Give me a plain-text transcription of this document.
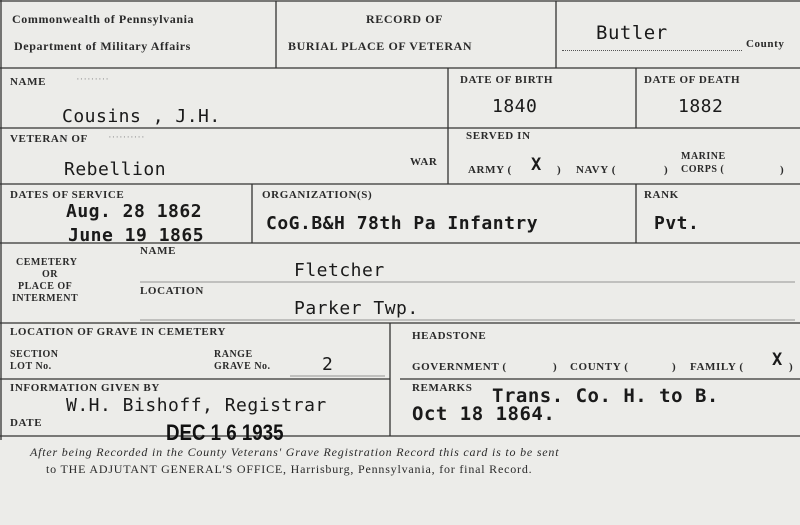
Commonwealth of Pennsylvania
Department of Military Affairs
RECORD OF
BURIAL PLACE OF VETERAN
Butler	County
NAME	·········
Cousins , J.H.
DATE OF BIRTH
1840
DATE OF DEATH
1882
VETERAN OF ··········
Rebellion	WAR
SERVED IN
ARMY ( X ) NAVY (	)
MARINE
CORPS (	)
DATES OF SERVICE
Aug. 28 1862
June 19 1865
ORGANIZATION(S)
CoG.B&H 78th Pa Infantry
RANK
Pvt.
CEMETERY
OR
PLACE OF
INTERMENT
NAME
Fletcher
LOCATION
Parker Twp.
LOCATION OF GRAVE IN CEMETERY
SECTION
LOT No.
RANGE
GRAVE No.	2
HEADSTONE
GOVERNMENT (	) COUNTY (	) FAMILY ( X )
INFORMATION GIVEN BY
W.H. Bishoff, Registrar
DATE	DEC 1 6 1935
REMARKS Trans. Co. H. to B.
Oct 18 1864.
After being Recorded in the County Veterans' Grave Registration Record this card is to be sent
to THE ADJUTANT GENERAL'S OFFICE, Harrisburg, Pennsylvania, for final Record.
